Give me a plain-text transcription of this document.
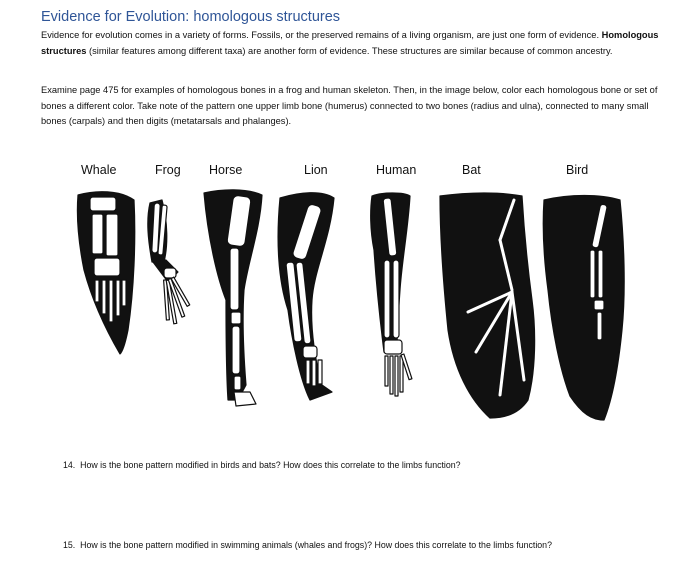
Evidence for Evolution: homologous structures
Evidence for evolution comes in a variety of forms. Fossils, or the preserved remains of a living organism, are just one form of evidence. Homologous structures (similar features among different taxa) are another form of evidence. These structures are similar because of common ancestry.
Examine page 475 for examples of homologous bones in a frog and human skeleton. Then, in the image below, color each homologous bone or set of bones a different color. Take note of the pattern one upper limb bone (humerus) connected to two bones (radius and ulna), connected to many small bones (carpals) and then digits (metatarsals and phalanges).
Whale	Frog Horse	Lion	Human	Bat	Bird
14. How is the bone pattern modified in birds and bats? How does this correlate to the limbs function?
15. How is the bone pattern modified in swimming animals (whales and frogs)? How does this correlate to the limbs function?
